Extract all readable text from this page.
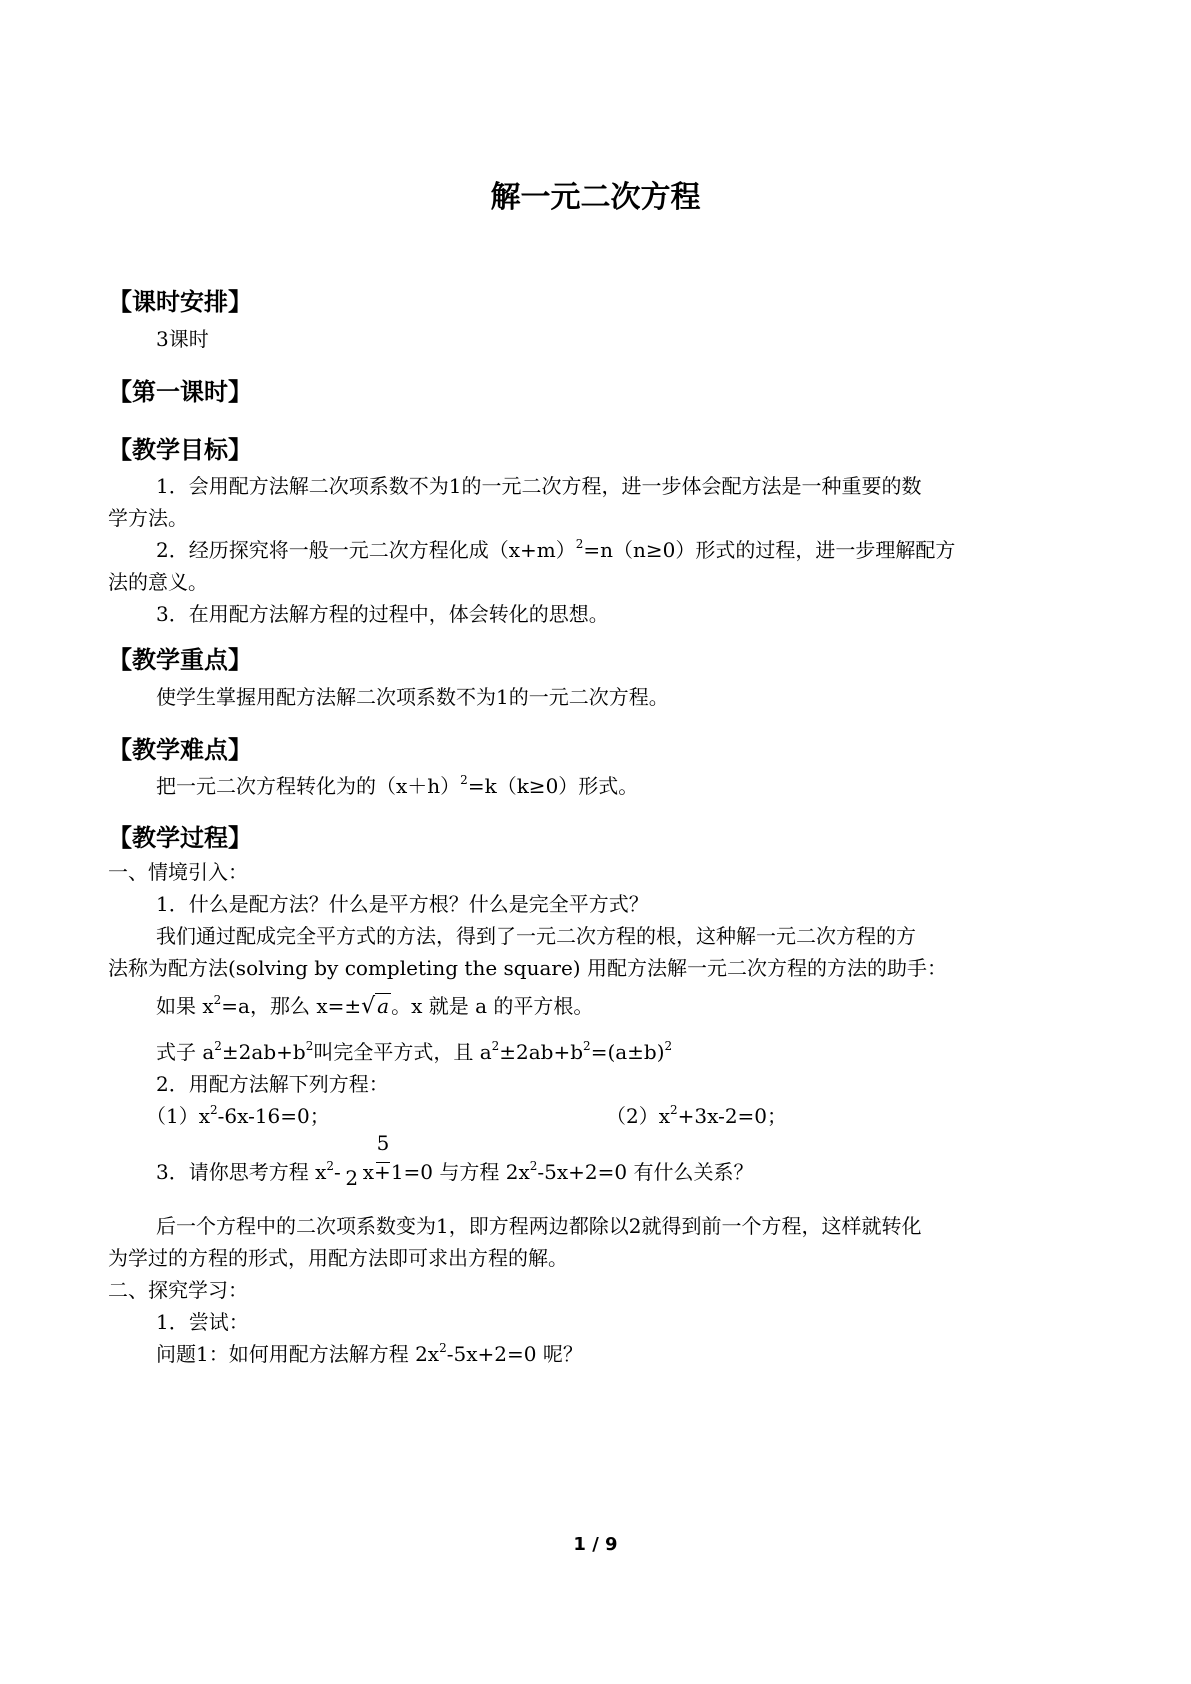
解一元二次方程
【课时安排】
3课时
【第一课时】
【教学目标】
1．会用配方法解二次项系数不为1的一元二次方程，进一步体会配方法是一种重要的数
学方法。
2．经历探究将一般一元二次方程化成$(x+m)^2=n(n\ge 0)$形式的过程，进一步理解配方
法的意义。
3．在用配方法解方程的过程中，体会转化的思想。
【教学重点】
使学生掌握用配方法解二次项系数不为1的一元二次方程。
【教学难点】
把一元二次方程转化为的$(x+h)^2=k(k\ge 0)$形式。
【教学过程】
一、情境引入：
1．什么是配方法？什么是平方根？什么是完全平方式？
我们通过配成完全平方式的方法，得到了一元二次方程的根，这种解一元二次方程的方
法称为配方法(solving by completing the square) 用配方法解一元二次方程的方法的助手：
如果 $x^2=a$，那么 x=±√ a 。x 就是 a 的平方根。
式子 $a^2\pm 2ab+b^2$叫完全平方式，且 $a^2\pm 2ab+b^2=(a\pm b)^2$
2．用配方法解下列方程：
$(1)x^2-6x-16=0$；	$(2)x^2+3x-2=0$；
5
3．请你思考方程 $x^2-$ 2 x+1=0 与方程 $2x^2-5x+2=0$ 有什么关系？
后一个方程中的二次项系数变为1，即方程两边都除以2就得到前一个方程，这样就转化
为学过的方程的形式，用配方法即可求出方程的解。
二、探究学习：
1．尝试：
问题1：如何用配方法解方程 $2x^2-5x+2=0$ 呢？
1 / 9
